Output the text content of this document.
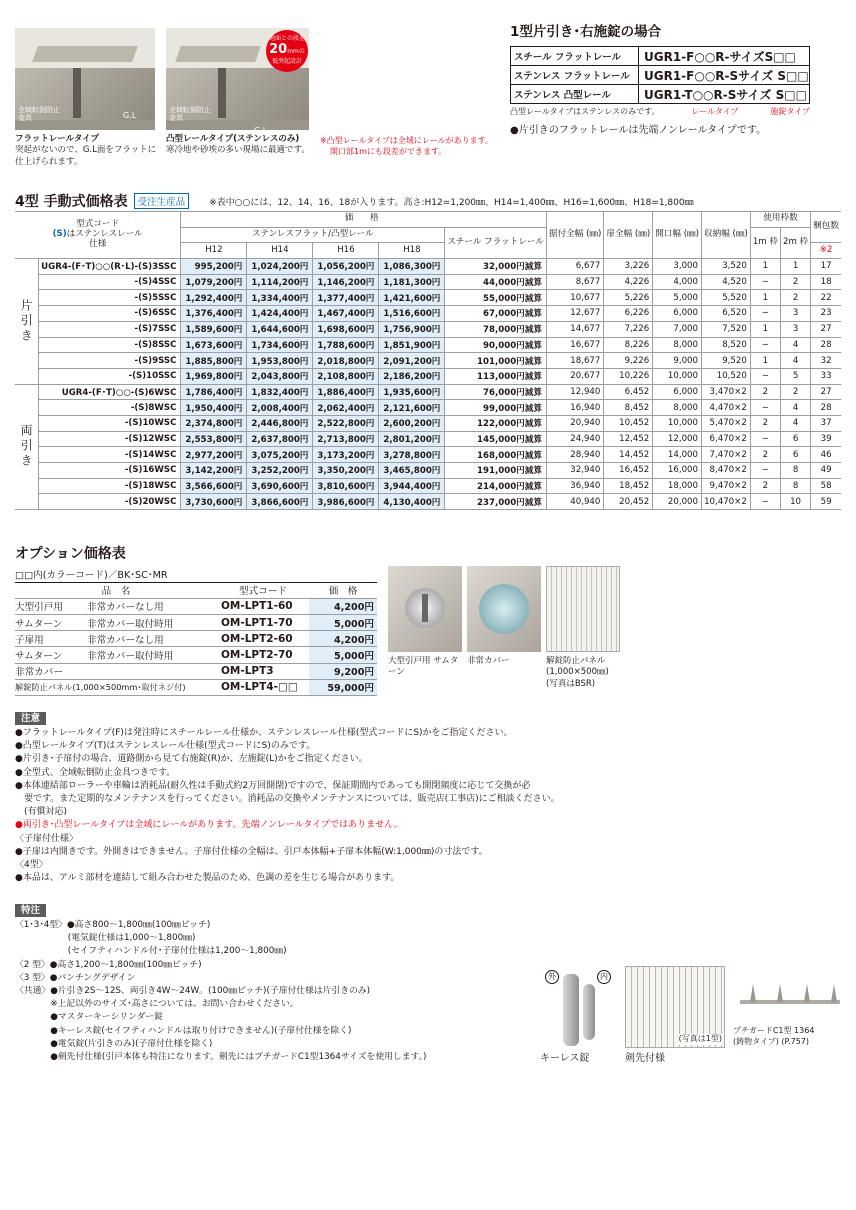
G.L
全域転倒防止金具
フラットレールタイプ
突起がないので、G.L面をフラットに仕上げられます。
地面との段差
20mmの
低突起設計
G.L
全域転倒防止金具
凸型レールタイプ(ステンレスのみ)
寒冷地や砂埃の多い現場に最適です。
※凸型レールタイプは全域にレールがあります。
開口部1mにも段差ができます。
1型片引き･右施錠の場合
スチール フラットレール	UGR1-F○○R-サイズS□□
ステンレス フラットレール	UGR1-F○○R-Sサイズ S□□
ステンレス 凸型レール	UGR1-T○○R-Sサイズ S□□
凸型レールタイプはステンレスのみです。	レールタイプ	施錠タイプ
●片引きのフラットレールは先端ノンレールタイプです。
4型 手動式価格表	受注生産品	※表中○○には、12、14、16、18が入ります。高さ:H12=1,200㎜、H14=1,400㎜、H16=1,600㎜、H18=1,800㎜
型式コード
(S)はステンレスレール
仕様		価　格					据付全幅 (㎜)	扉全幅 (㎜)	開口幅 (㎜)	収納幅 (㎜)	使用枠数		梱包数
		ステンレスフラット/凸型レール				スチール フラットレール					1m 枠	2m 枠	
		H12	H14	H16	H18								※2
片引き	UGR4-(F･T)○○(R･L)-(S)3SSC	995,200円	1,024,200円	1,056,200円	1,086,300円	32,000円減算	6,677	3,226	3,000	3,520	1	1	17
	-(S)4SSC	1,079,200円	1,114,200円	1,146,200円	1,181,300円	44,000円減算	8,677	4,226	4,000	4,520	−	2	18
	-(S)5SSC	1,292,400円	1,334,400円	1,377,400円	1,421,600円	55,000円減算	10,677	5,226	5,000	5,520	1	2	22
	-(S)6SSC	1,376,400円	1,424,400円	1,467,400円	1,516,600円	67,000円減算	12,677	6,226	6,000	6,520	−	3	23
	-(S)7SSC	1,589,600円	1,644,600円	1,698,600円	1,756,900円	78,000円減算	14,677	7,226	7,000	7,520	1	3	27
	-(S)8SSC	1,673,600円	1,734,600円	1,788,600円	1,851,900円	90,000円減算	16,677	8,226	8,000	8,520	−	4	28
	-(S)9SSC	1,885,800円	1,953,800円	2,018,800円	2,091,200円	101,000円減算	18,677	9,226	9,000	9,520	1	4	32
	-(S)10SSC	1,969,800円	2,043,800円	2,108,800円	2,186,200円	113,000円減算	20,677	10,226	10,000	10,520	−	5	33
両引き	UGR4-(F･T)○○-(S)6WSC	1,786,400円	1,832,400円	1,886,400円	1,935,600円	76,000円減算	12,940	6,452	6,000	3,470×2	2	2	27
	-(S)8WSC	1,950,400円	2,008,400円	2,062,400円	2,121,600円	99,000円減算	16,940	8,452	8,000	4,470×2	−	4	28
	-(S)10WSC	2,374,800円	2,446,800円	2,522,800円	2,600,200円	122,000円減算	20,940	10,452	10,000	5,470×2	2	4	37
	-(S)12WSC	2,553,800円	2,637,800円	2,713,800円	2,801,200円	145,000円減算	24,940	12,452	12,000	6,470×2	−	6	39
	-(S)14WSC	2,977,200円	3,075,200円	3,173,200円	3,278,800円	168,000円減算	28,940	14,452	14,000	7,470×2	2	6	46
	-(S)16WSC	3,142,200円	3,252,200円	3,350,200円	3,465,800円	191,000円減算	32,940	16,452	16,000	8,470×2	−	8	49
	-(S)18WSC	3,566,600円	3,690,600円	3,810,600円	3,944,400円	214,000円減算	36,940	18,452	18,000	9,470×2	2	8	58
	-(S)20WSC	3,730,600円	3,866,600円	3,986,600円	4,130,400円	237,000円減算	40,940	20,452	20,000	10,470×2	−	10	59
オプション価格表
□□内(カラーコード)／BK･SC･MR			
品　名		型式コード	価　格
大型引戸用	非常カバーなし用	OM-LPT1-60	4,200円
サムターン	非常カバー取付時用	OM-LPT1-70	5,000円
子扉用	非常カバーなし用	OM-LPT2-60	4,200円
サムターン	非常カバー取付時用	OM-LPT2-70	5,000円
非常カバー		OM-LPT3	9,200円
解錠防止パネル(1,000×500mm･取付ネジ付)		OM-LPT4-□□	59,000円
大型引戸用 サムターン
非常カバー	解錠防止パネル
(1,000×500㎜)
(写真はBSR)
注意
●フラットレールタイプ(F)は発注時にスチールレール仕様か、ステンレスレール仕様(型式コードにS)かをご指定ください。
●凸型レールタイプ(T)はステンレスレール仕様(型式コードにS)のみです。
●片引き･子扉付の場合、道路側から見て右施錠(R)か、左施錠(L)かをご指定ください。
●全型式、全域転倒防止金具つきです。
●本体連結部ローラーや車輪は消耗品(耐久性は手動式約2万回開閉)ですので、保証期間内であっても開閉頻度に応じて交換が必
　要です。また定期的なメンテナンスを行ってください。消耗品の交換やメンテナンスについては、販売店(工事店)にご相談ください。
　(有償対応)
●両引き･凸型レールタイプは全域にレールがあります。先端ノンレールタイプではありません。
〈子扉付仕様〉
●子扉は内開きです。外開きはできません。子扉付仕様の全幅は、引戸本体幅+子扉本体幅(W:1,000㎜)の寸法です。
〈4型〉
●本品は、アルミ部材を連結して組み合わせた製品のため、色調の差を生じる場合があります。
特注
〈1･3･4型〉●高さ800～1,800㎜(100㎜ピッチ)
　　　　　　(電気錠仕様は1,000～1,800㎜)
　　　　　　(セイフティハンドル付･子扉付仕様は1,200～1,800㎜)
〈2 型〉●高さ1,200～1,800㎜(100㎜ピッチ)
〈3 型〉●パンチングデザイン
〈共通〉●片引き2S～12S、両引き4W～24W。(100㎜ピッチ)(子扉付仕様は片引きのみ)
　　　　※上記以外のサイズ･高さについては、お問い合わせください。
　　　　●マスターキーシリンダー錠
　　　　●キーレス錠(セイフティハンドルは取り付けできません)(子扉付仕様を除く)
　　　　●電気錠(片引きのみ)(子扉付仕様を除く)
　　　　●剣先付仕様(引戸本体も特注になります。剣先にはプチガードC1型1364サイズを使用します。)
外	内
キーレス錠
(写真は1型)
剣先付様
プチガードC1型 1364
(鋳物タイプ) (P.757)
